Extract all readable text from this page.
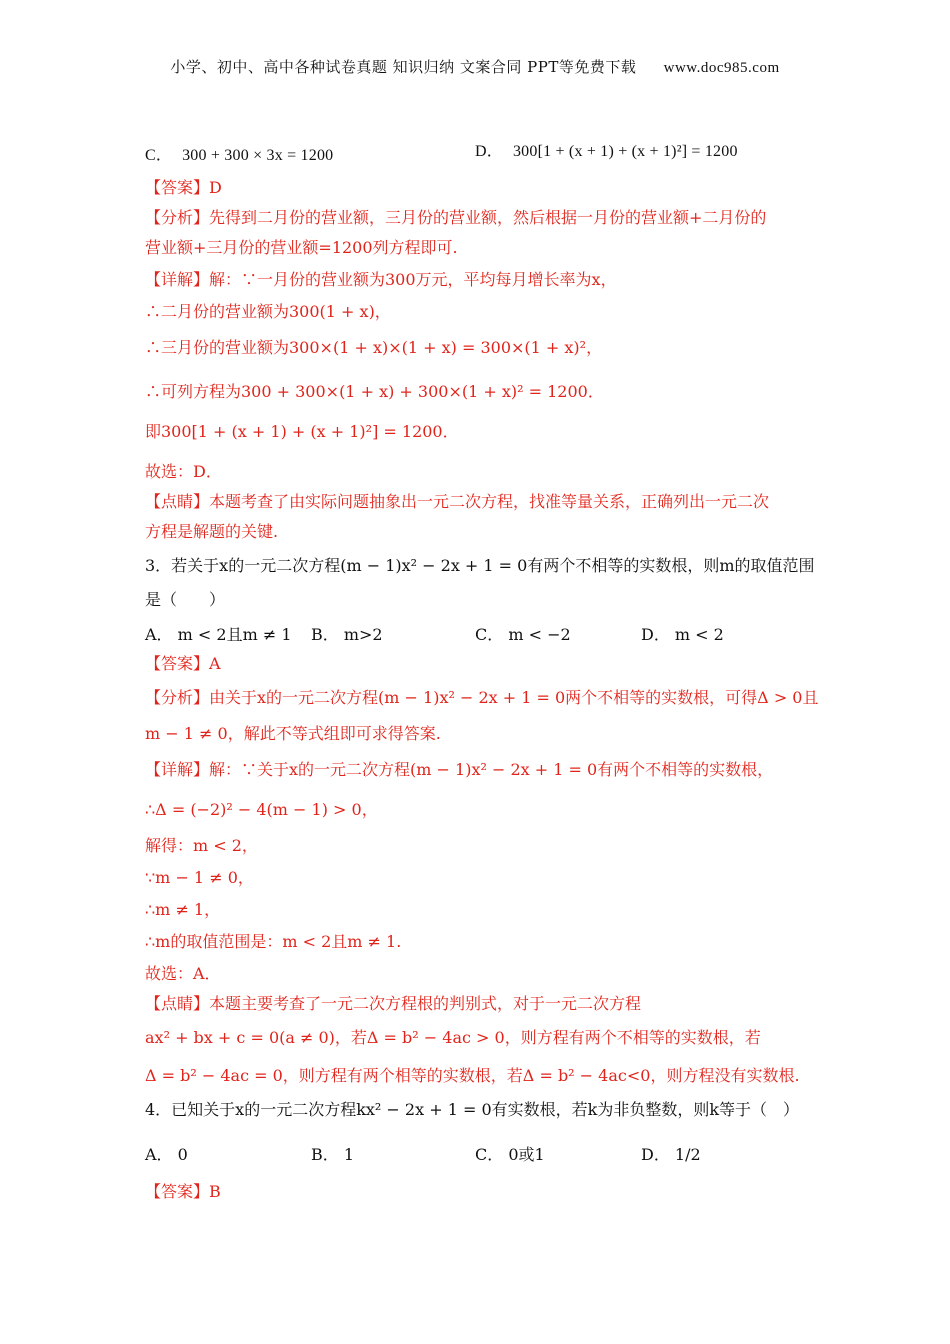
小学、初中、高中各种试卷真题 知识归纳 文案合同 PPT等免费下载 www.doc985.com
C． 300 + 300 × 3x = 1200	D． 300[1 + (x + 1) + (x + 1)²] = 1200
【答案】D
【分析】先得到二月份的营业额，三月份的营业额，然后根据一月份的营业额+二月份的
营业额+三月份的营业额=1200列方程即可.
【详解】解：∵一月份的营业额为300万元，平均每月增长率为x，
∴二月份的营业额为300(1 + x)，
∴三月份的营业额为300×(1 + x)×(1 + x) = 300×(1 + x)²，
∴可列方程为300 + 300×(1 + x) + 300×(1 + x)² = 1200．
即300[1 + (x + 1) + (x + 1)²] = 1200．
故选：D．
【点睛】本题考查了由实际问题抽象出一元二次方程，找准等量关系，正确列出一元二次
方程是解题的关键.
3．若关于x的一元二次方程(m − 1)x² − 2x + 1 = 0有两个不相等的实数根，则m的取值范围
是（　　）
A． m < 2且m ≠ 1 B． m>2	C． m < −2	D． m < 2
【答案】A
【分析】由关于x的一元二次方程(m − 1)x² − 2x + 1 = 0两个不相等的实数根，可得Δ > 0且
m − 1 ≠ 0，解此不等式组即可求得答案.
【详解】解：∵关于x的一元二次方程(m − 1)x² − 2x + 1 = 0有两个不相等的实数根，
∴Δ = (−2)² − 4(m − 1) > 0，
解得：m < 2，
∵m − 1 ≠ 0，
∴m ≠ 1，
∴m的取值范围是：m < 2且m ≠ 1.
故选：A．
【点睛】本题主要考查了一元二次方程根的判别式，对于一元二次方程
ax² + bx + c = 0(a ≠ 0)，若Δ = b² − 4ac > 0，则方程有两个不相等的实数根，若
Δ = b² − 4ac = 0，则方程有两个相等的实数根，若Δ = b² − 4ac<0，则方程没有实数根.
4．已知关于x的一元二次方程kx² − 2x + 1 = 0有实数根，若k为非负整数，则k等于（　）
A． 0	B． 1	C． 0或1	D． 1/2
【答案】B
